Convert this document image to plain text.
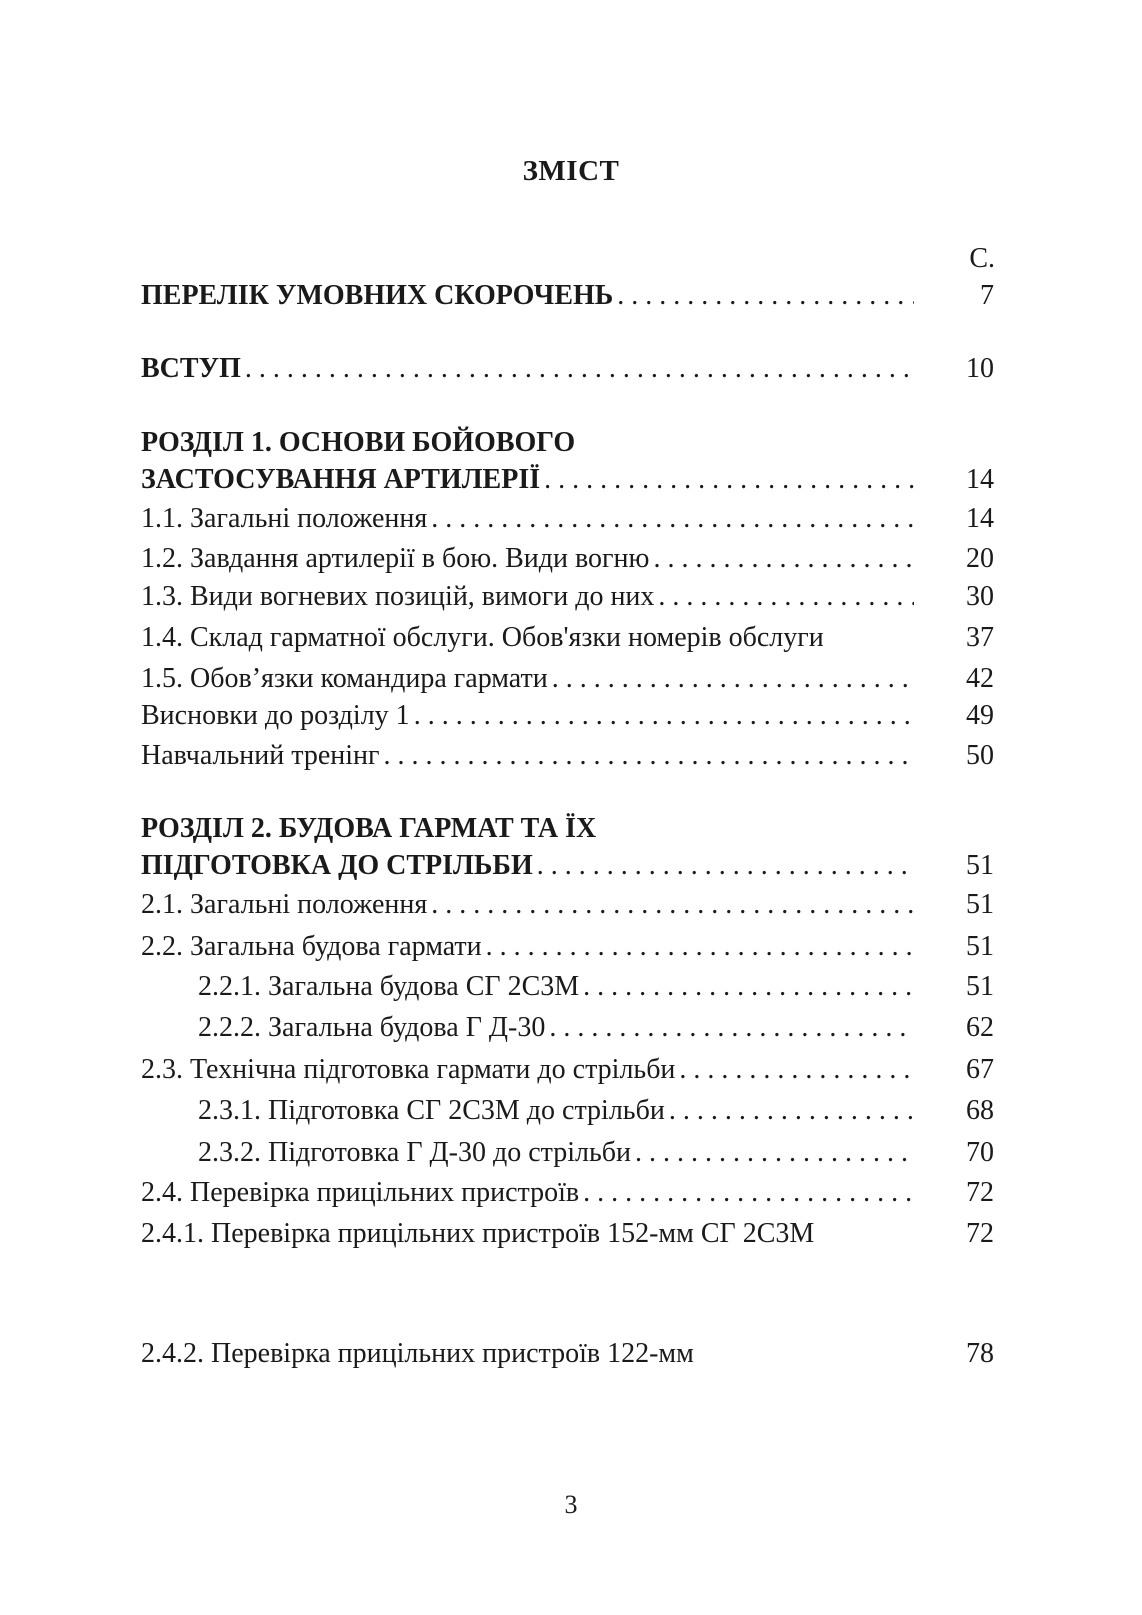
ЗМІСТ
С.
ПЕРЕЛІК УМОВНИХ СКОРОЧЕНЬ . . .	7
ВСТУП . . .	10
РОЗДІЛ 1. ОСНОВИ БОЙОВОГО
ЗАСТОСУВАННЯ АРТИЛЕРІЇ . . .	14
1.1. Загальні положення . . .	14
1.2. Завдання артилерії в бою. Види вогню . . .	20
1.3. Види вогневих позицій, вимоги до них . . .	30
1.4. Склад гарматної обслуги. Обов'язки номерів обслуги	37
1.5. Обов’язки командира гармати . . .	42
Висновки до розділу 1 . . .	49
Навчальний тренінг . . .	50
РОЗДІЛ 2. БУДОВА ГАРМАТ ТА ЇХ
ПІДГОТОВКА ДО СТРІЛЬБИ . . .	51
2.1. Загальні положення . . .	51
2.2. Загальна будова гармати . . .	51
2.2.1. Загальна будова СГ 2С3М . . .	51
2.2.2. Загальна будова Г Д-30 . . .	62
2.3. Технічна підготовка гармати до стрільби . . .	67
2.3.1. Підготовка СГ 2С3М до стрільби . . .	68
2.3.2. Підготовка Г Д-30 до стрільби . . .	70
2.4. Перевірка прицільних пристроїв . . .	72
2.4.1. Перевірка прицільних пристроїв 152-мм СГ 2С3М	72
2.4.2. Перевірка прицільних пристроїв 122-мм	78
3
